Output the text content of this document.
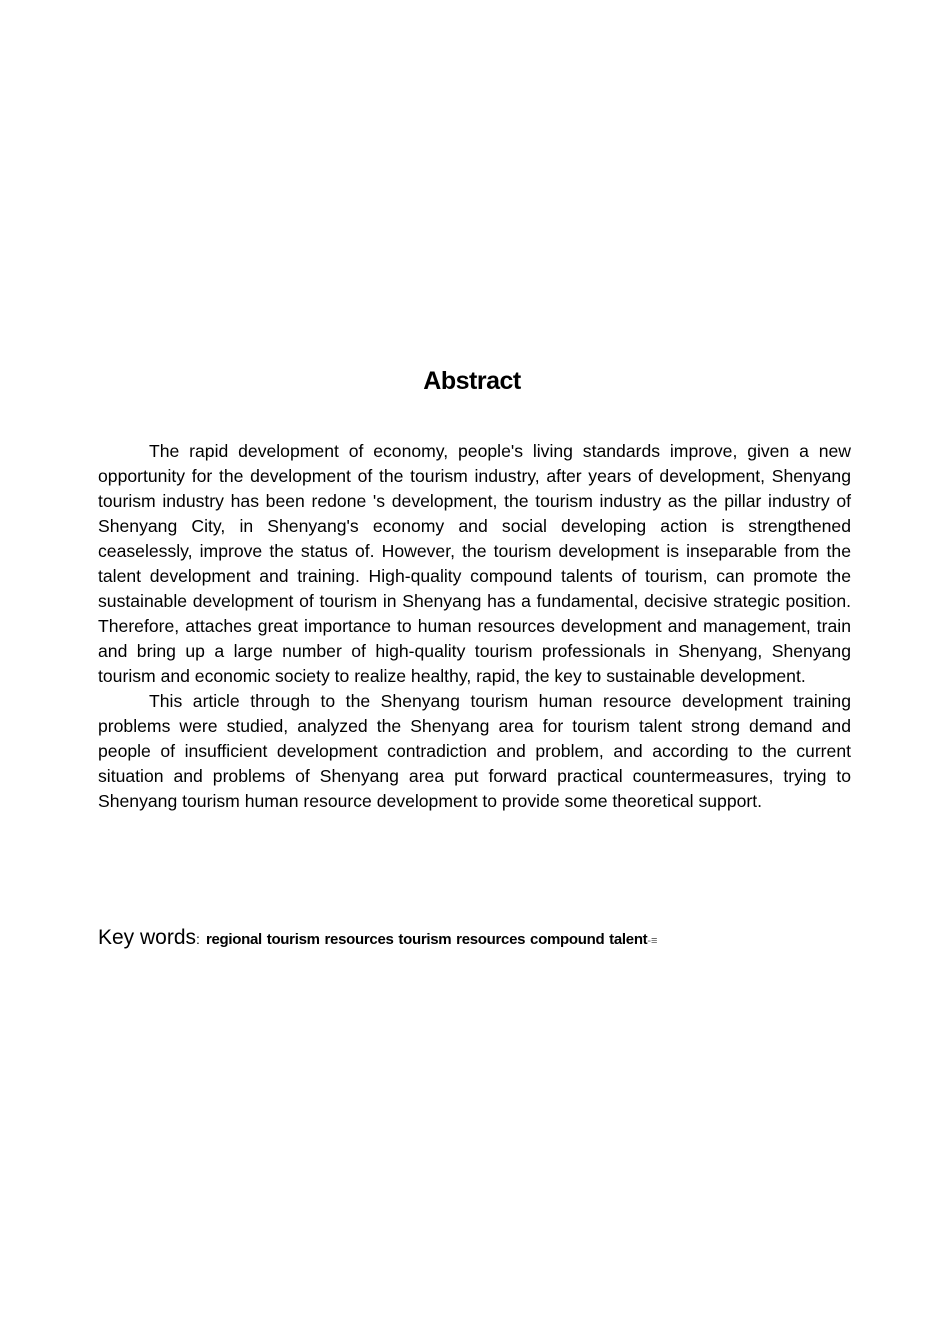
Abstract

The rapid development of economy, people's living standards improve, given a new opportunity for the development of the tourism industry, after years of development, Shenyang tourism industry has been redone 's development, the tourism industry as the pillar industry of Shenyang City, in Shenyang's economy and social developing action is strengthened ceaselessly, improve the status of. However, the tourism development is inseparable from the talent development and training. High-quality compound talents of tourism, can promote the sustainable development of tourism in Shenyang has a fundamental, decisive strategic position. Therefore, attaches great importance to human resources development and management, train and bring up a large number of high-quality tourism professionals in Shenyang, Shenyang tourism and economic society to realize healthy, rapid, the key to sustainable development.

This article through to the Shenyang tourism human resource development training problems were studied, analyzed the Shenyang area for tourism talent strong demand and people of insufficient development contradiction and problem, and according to the current situation and problems of Shenyang area put forward practical countermeasures, trying to Shenyang tourism human resource development to provide some theoretical support.

Key words: regional tourism resources tourism resources compound talent-≡
